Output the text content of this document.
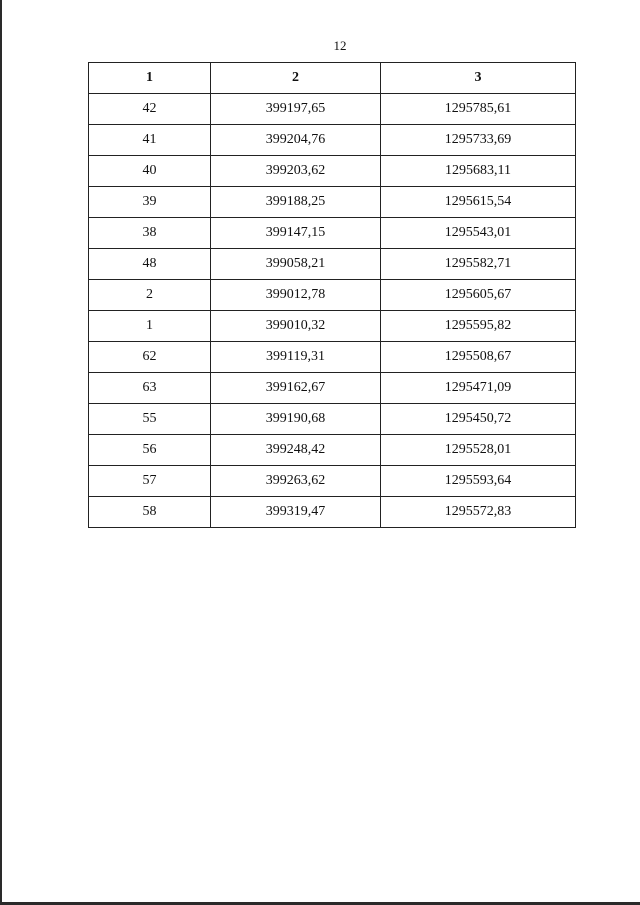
12
1	2	3
42	399197,65	1295785,61
41	399204,76	1295733,69
40	399203,62	1295683,11
39	399188,25	1295615,54
38	399147,15	1295543,01
48	399058,21	1295582,71
2	399012,78	1295605,67
1	399010,32	1295595,82
62	399119,31	1295508,67
63	399162,67	1295471,09
55	399190,68	1295450,72
56	399248,42	1295528,01
57	399263,62	1295593,64
58	399319,47	1295572,83
